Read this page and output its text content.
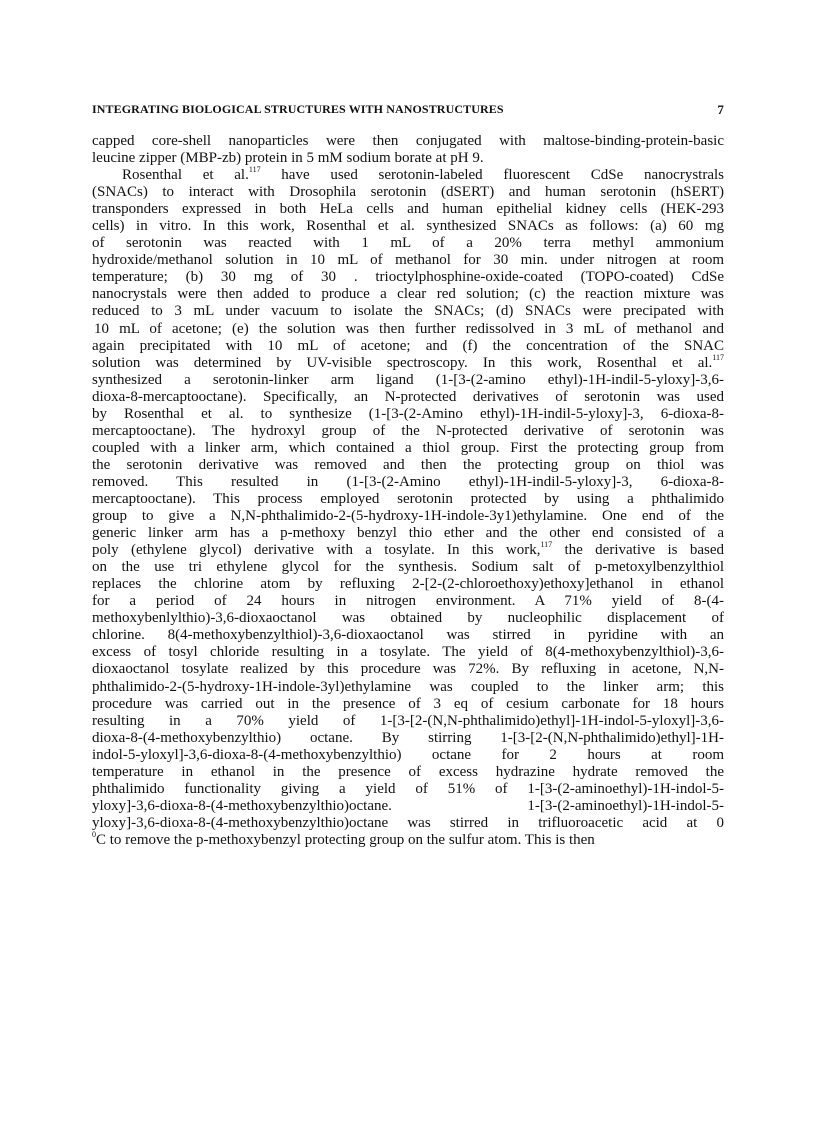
INTEGRATING BIOLOGICAL STRUCTURES WITH NANOSTRUCTURES	7
capped core-shell nanoparticles were then conjugated with maltose-binding-protein-basic
leucine zipper (MBP-zb) protein in 5 mM sodium borate at pH 9.
Rosenthal et al.$^{117}$ have used serotonin-labeled fluorescent CdSe nanocrystrals
(SNACs) to interact with Drosophila serotonin (dSERT) and human serotonin (hSERT)
transponders expressed in both HeLa cells and human epithelial kidney cells (HEK-293
cells) in vitro. In this work, Rosenthal et al. synthesized SNACs as follows: (a) 60 mg
of serotonin was reacted with 1 mL of a 20% terra methyl ammonium
hydroxide/methanol solution in 10 mL of methanol for 30 min. under nitrogen at room
temperature; (b) 30 mg of 30 . trioctylphosphine-oxide-coated (TOPO-coated) CdSe
nanocrystals were then added to produce a clear red solution; (c) the reaction mixture was
reduced to 3 mL under vacuum to isolate the SNACs; (d) SNACs were precipated with
10 mL of acetone; (e) the solution was then further redissolved in 3 mL of methanol and
again precipitated with 10 mL of acetone; and (f) the concentration of the SNAC
solution was determined by UV-visible spectroscopy. In this work, Rosenthal et al.$^{117}$
synthesized a serotonin-linker arm ligand (1-[3-(2-amino ethyl)-1H-indil-5-yloxy]-3,6-
dioxa-8-mercaptooctane). Specifically, an N-protected derivatives of serotonin was used
by Rosenthal et al. to synthesize (1-[3-(2-Amino ethyl)-1H-indil-5-yloxy]-3, 6-dioxa-8-
mercaptooctane). The hydroxyl group of the N-protected derivative of serotonin was
coupled with a linker arm, which contained a thiol group. First the protecting group from
the serotonin derivative was removed and then the protecting group on thiol was
removed. This resulted in (1-[3-(2-Amino ethyl)-1H-indil-5-yloxy]-3, 6-dioxa-8-
mercaptooctane). This process employed serotonin protected by using a phthalimido
group to give a N,N-phthalimido-2-(5-hydroxy-1H-indole-3y1)ethylamine. One end of the
generic linker arm has a p-methoxy benzyl thio ether and the other end consisted of a
poly (ethylene glycol) derivative with a tosylate. In this work,$^{117}$ the derivative is based
on the use tri ethylene glycol for the synthesis. Sodium salt of p-metoxylbenzylthiol
replaces the chlorine atom by refluxing 2-[2-(2-chloroethoxy)ethoxy]ethanol in ethanol
for a period of 24 hours in nitrogen environment. A 71% yield of 8-(4-
methoxybenlylthio)-3,6-dioxaoctanol was obtained by nucleophilic displacement of
chlorine. 8(4-methoxybenzylthiol)-3,6-dioxaoctanol was stirred in pyridine with an
excess of tosyl chloride resulting in a tosylate. The yield of 8(4-methoxybenzylthiol)-3,6-
dioxaoctanol tosylate realized by this procedure was 72%. By refluxing in acetone, N,N-
phthalimido-2-(5-hydroxy-1H-indole-3yl)ethylamine was coupled to the linker arm; this
procedure was carried out in the presence of 3 eq of cesium carbonate for 18 hours
resulting in a 70% yield of 1-[3-[2-(N,N-phthalimido)ethyl]-1H-indol-5-yloxyl]-3,6-
dioxa-8-(4-methoxybenzylthio) octane. By stirring 1-[3-[2-(N,N-phthalimido)ethyl]-1H-
indol-5-yloxyl]-3,6-dioxa-8-(4-methoxybenzylthio) octane for 2 hours at room
temperature in ethanol in the presence of excess hydrazine hydrate removed the
phthalimido functionality giving a yield of 51% of 1-[3-(2-aminoethyl)-1H-indol-5-
yloxy]-3,6-dioxa-8-(4-methoxybenzylthio)octane. 1-[3-(2-aminoethyl)-1H-indol-5-
yloxy]-3,6-dioxa-8-(4-methoxybenzylthio)octane was stirred in trifluoroacetic acid at 0
$^0$C to remove the p-methoxybenzyl protecting group on the sulfur atom. This is then
